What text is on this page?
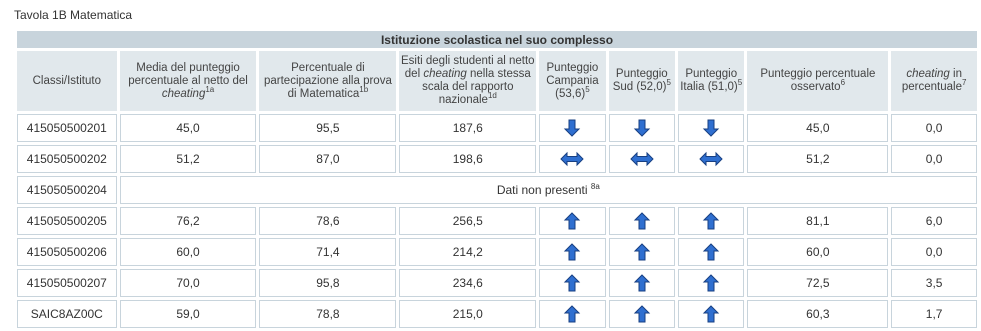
Tavola 1B Matematica
Istituzione scolastica nel suo complesso								
Classi/Istituto	Media del punteggio percentuale al netto del cheating$^{1a}$	Percentuale di partecipazione alla prova di Matematica$^{1b}$	Esiti degli studenti al netto del cheating nella stessa scala del rapporto nazionale$^{1d}$	Punteggio Campania $(53,6)^5$	Punteggio Sud $(52,0)^5$	Punteggio Italia $(51,0)^5$	Punteggio percentuale osservato$^6$	cheating in percentuale$^7$
415050500201	45,0	95,5	187,6				45,0	0,0
415050500202	51,2	87,0	198,6				51,2	0,0
415050500204	Dati non presenti $^{8a}$
415050500205	76,2	78,6	256,5				81,1	6,0
415050500206	60,0	71,4	214,2				60,0	0,0
415050500207	70,0	95,8	234,6				72,5	3,5
SAIC8AZ00C	59,0	78,8	215,0				60,3	1,7
